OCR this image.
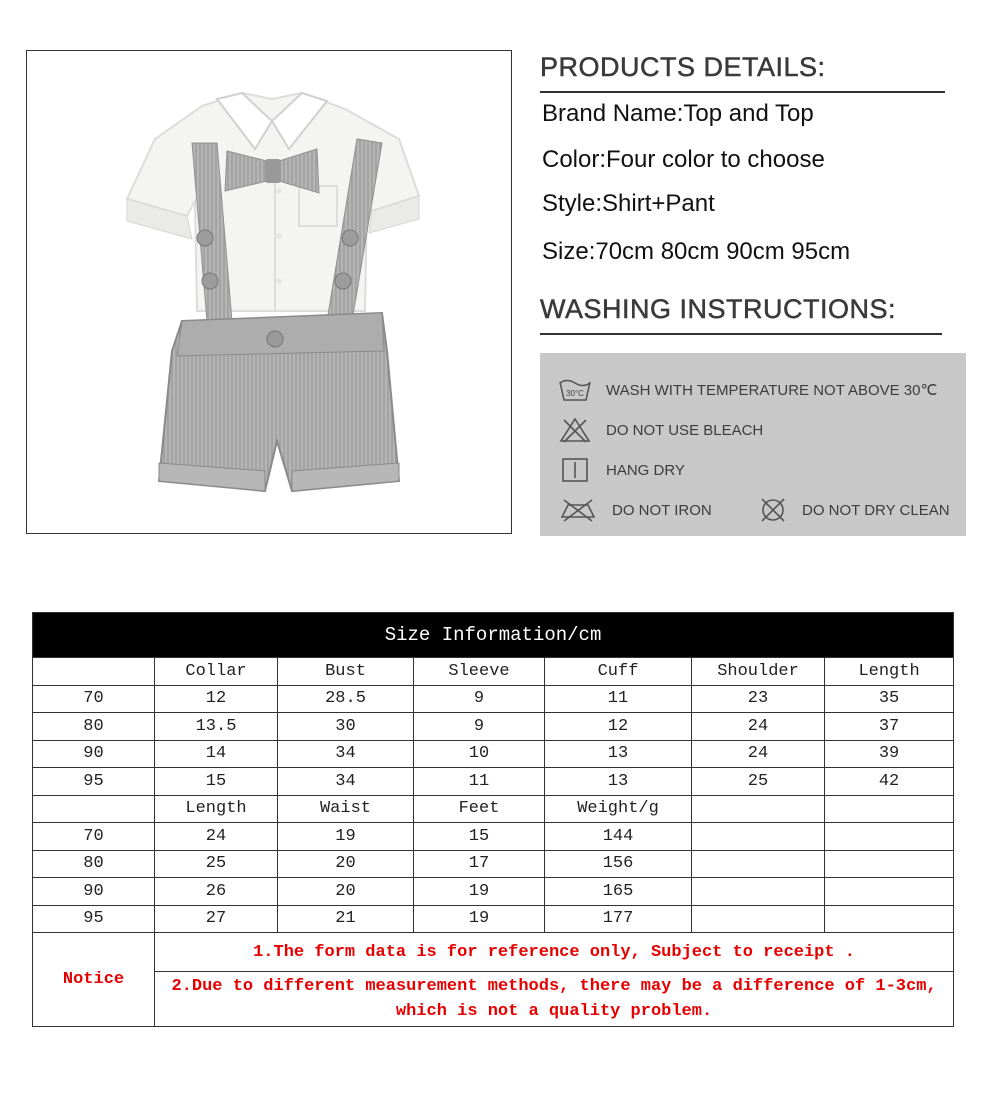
PRODUCTS DETAILS:

Brand Name:Top and Top

Color:Four color to choose

Style:Shirt+Pant

Size:70cm 80cm 90cm 95cm

WASHING INSTRUCTIONS:
30°C WASH WITH TEMPERATURE NOT ABOVE 30℃
DO NOT USE BLEACH
HANG DRY
DO NOT IRON	DO NOT DRY CLEAN
Size Information/cm						
	Collar	Bust	Sleeve	Cuff	Shoulder	Length
70	12	28.5	9	11	23	35
80	13.5	30	9	12	24	37
90	14	34	10	13	24	39
95	15	34	11	13	25	42
	Length	Waist	Feet	Weight/g		
70	24	19	15	144		
80	25	20	17	156		
90	26	20	19	165		
95	27	21	19	177		
Notice	1.The form data is for reference only, Subject to receipt .					
	2.Due to different measurement methods, there may be a difference of 1-3cm, which is not a quality problem.					
